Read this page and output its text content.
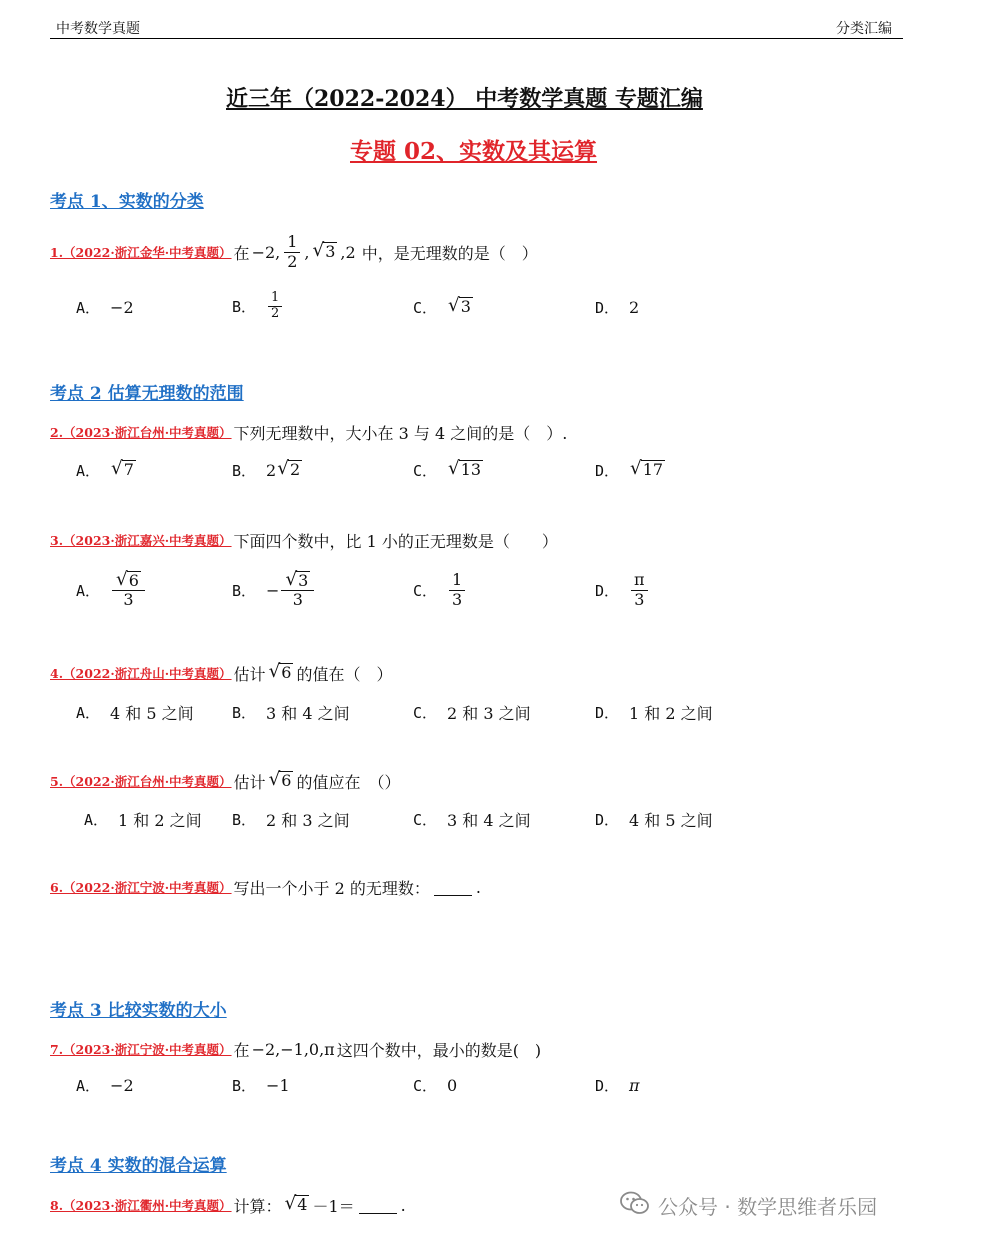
中考数学真题	分类汇编
近三年（2022-2024） 中考数学真题 专题汇编
专题 02、实数及其运算
考点 1、实数的分类
1.（2022·浙江金华·中考真题） 在 −2, $\frac{1}{2}$ , √ 3 ,2 中，是无理数的是（　）
A． −2	B． $\frac{1}{2}$	C． √ 3	D． 2
考点 2 估算无理数的范围
2.（2023·浙江台州·中考真题） 下列无理数中，大小在 3 与 4 之间的是（　）.
A． √ 7	B． 2 √ 2	C． √ 13	D． √ 17
3.（2023·浙江嘉兴·中考真题） 下面四个数中，比 1 小的正无理数是（　　）
A． $\frac{√ 6}{3}$	B． − $\frac{√ 3}{3}$	C． $\frac{1}{3}$	D． $\frac{\pi}{3}$
4.（2022·浙江舟山·中考真题） 估计 √ 6 的值在（　）
A． 4 和 5 之间	B． 3 和 4 之间	C． 2 和 3 之间	D． 1 和 2 之间
5.（2022·浙江台州·中考真题） 估计 √ 6 的值应在　（）
A． 1 和 2 之间 B． 2 和 3 之间	C． 3 和 4 之间	D． 4 和 5 之间
6.（2022·浙江宁波·中考真题） 写出一个小于 2 的无理数：	.
考点 3 比较实数的大小
7.（2023·浙江宁波·中考真题） 在 −2,−1,0,π 这四个数中，最小的数是(　)
A． −2	B． −1	C． 0	D． π
考点 4 实数的混合运算
8.（2023·浙江衢州·中考真题） 计算： √ 4 －1＝	.	公众号 · 数学思维者乐园
